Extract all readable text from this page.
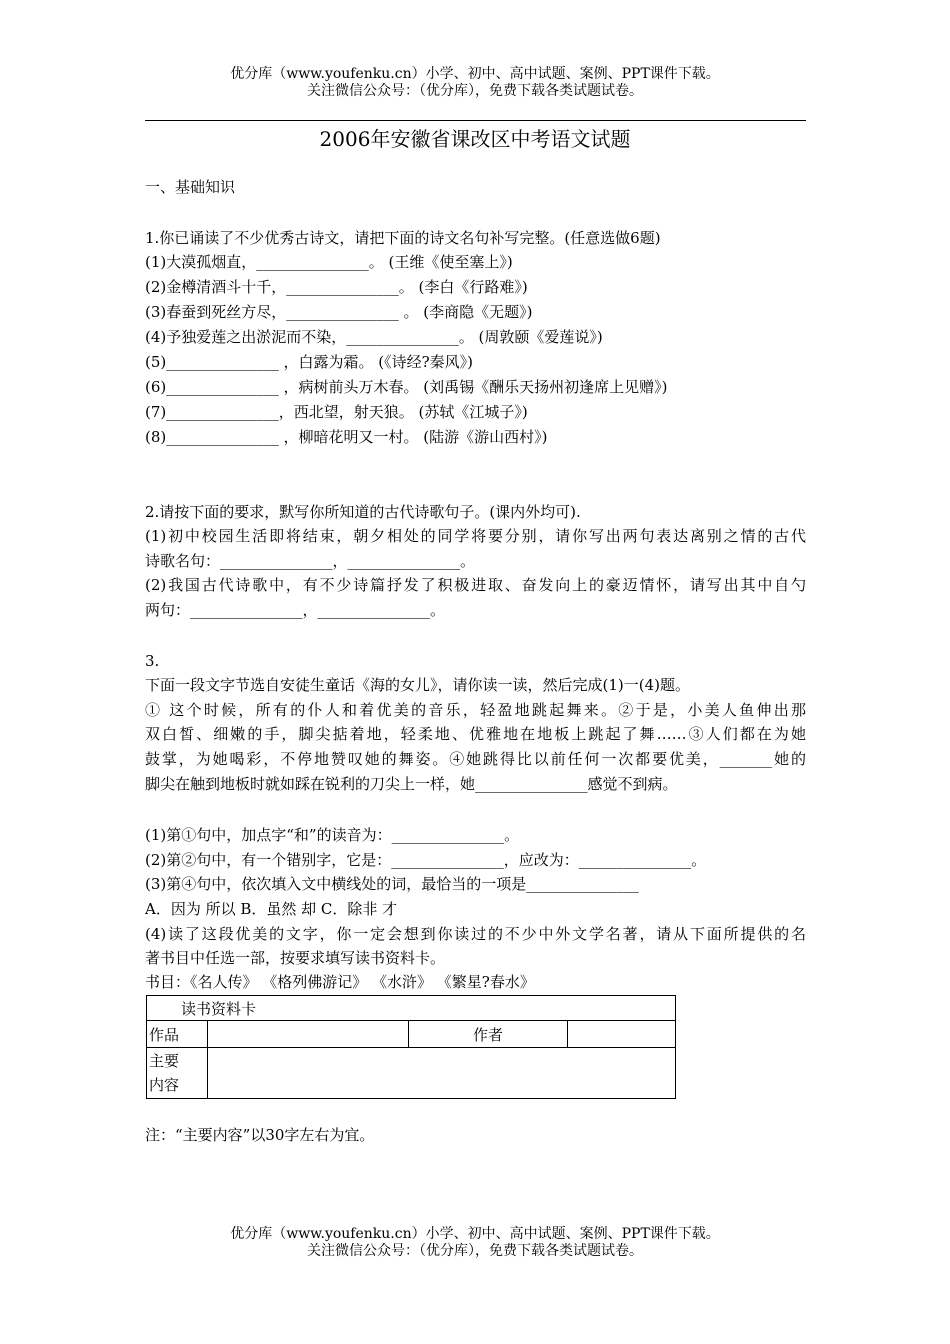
优分库（www.youfenku.cn）小学、初中、高中试题、案例、PPT课件下载。
关注微信公众号：（优分库），免费下载各类试题试卷。
2006年安徽省课改区中考语文试题
一、基础知识
1.你已诵读了不少优秀古诗文，请把下面的诗文名句补写完整。(任意选做6题)
(1)大漠孤烟直，_______________。 (王维《使至塞上》)
(2)金樽清酒斗十千，_______________。 (李白《行路难》)
(3)春蚕到死丝方尽，_______________ 。 (李商隐《无题》)
(4)予独爱莲之出淤泥而不染，_______________。 (周敦颐《爱莲说》)
(5)_______________ ，白露为霜。 (《诗经?秦风》)
(6)_______________ ，病树前头万木春。 (刘禹锡《酬乐天扬州初逢席上见赠》)
(7)_______________，西北望，射天狼。 (苏轼《江城子》)
(8)_______________ ，柳暗花明又一村。 (陆游《游山西村》)
2.请按下面的要求，默写你所知道的古代诗歌句子。(课内外均可).
(1)初中校园生活即将结束，朝夕相处的同学将要分别，请你写出两句表达离别之情的古代
诗歌名句：_______________，_______________。
(2)我国古代诗歌中，有不少诗篇抒发了积极进取、奋发向上的豪迈情怀，请写出其中自勺
两句：_______________，_______________。
3.
下面一段文字节选自安徒生童话《海的女儿》，请你读一读，然后完成(1)一(4)题。
① 这个时候，所有的仆人和着优美的音乐，轻盈地跳起舞来。②于是，小美人鱼伸出那
双白皙、细嫩的手，脚尖掂着地，轻柔地、优雅地在地板上跳起了舞……③人们都在为她
鼓掌，为她喝彩，不停地赞叹她的舞姿。④她跳得比以前任何一次都要优美，_______她的
脚尖在触到地板时就如踩在锐利的刀尖上一样，她_______________感觉不到病。
(1)第①句中，加点字“和”的读音为：_______________。
(2)第②句中，有一个错别字，它是：_______________，应改为：_______________。
(3)第④句中，依次填入文中横线处的词，最恰当的一项是_______________
A．因为 所以 B．虽然 却 C．除非 才
(4)读了这段优美的文字，你一定会想到你读过的不少中外文学名著，请从下面所提供的名
著书目中任选一部，按要求填写读书资料卡。
书目：《名人传》 《格列佛游记》 《水浒》 《繁星?春水》
读书资料卡			
作品		作者	
主要
内容			
注：“主要内容”以30字左右为宜。
优分库（www.youfenku.cn）小学、初中、高中试题、案例、PPT课件下载。
关注微信公众号：（优分库），免费下载各类试题试卷。
